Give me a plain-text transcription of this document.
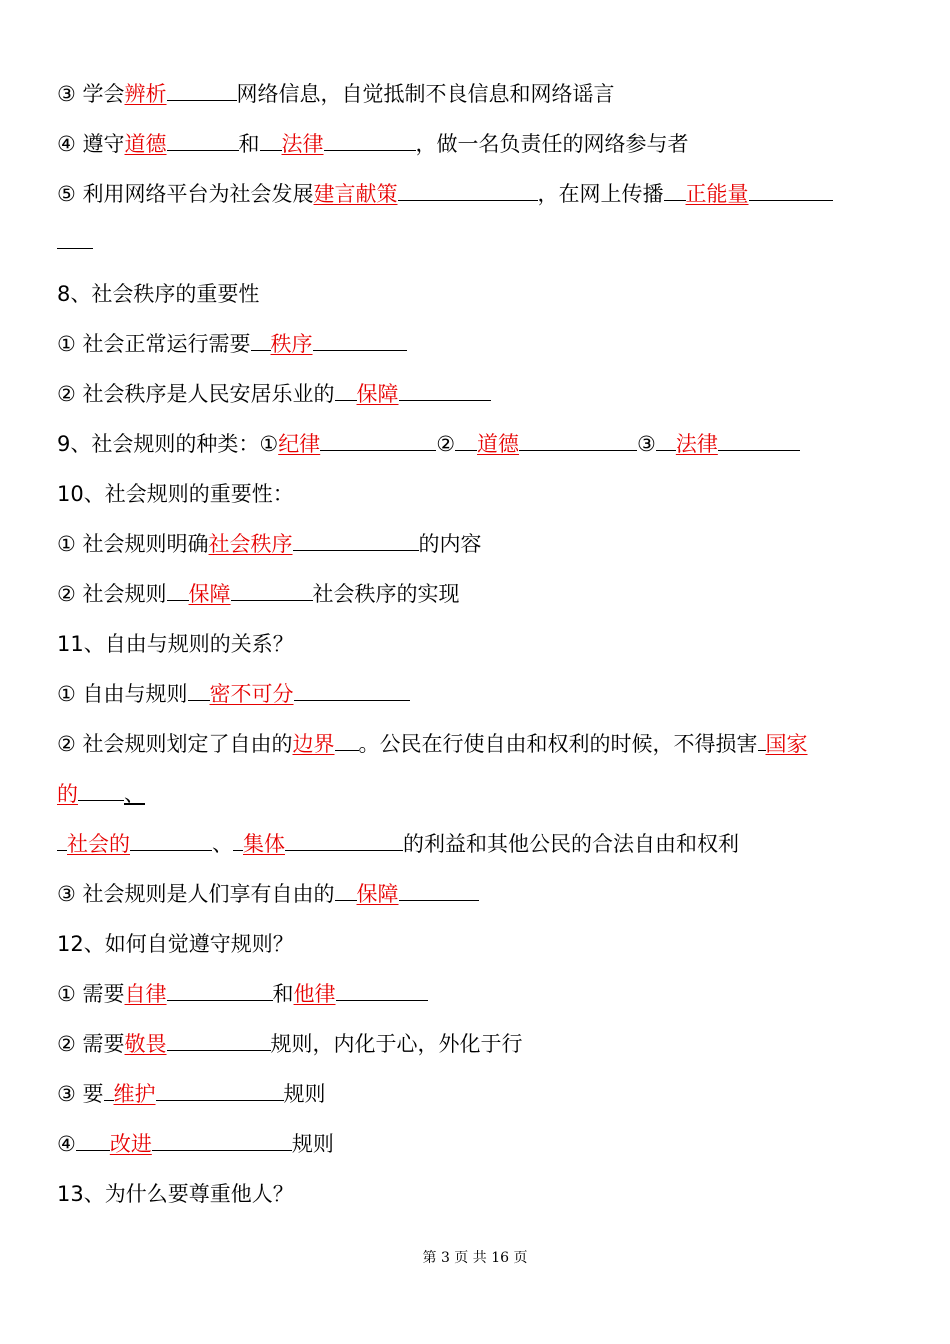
③ 学会辨析	网络信息，自觉抵制不良信息和网络谣言
④ 遵守道德	和 法律	，做一名负责任的网络参与者
⑤ 利用网络平台为社会发展建言献策	，在网上传播 正能量
8、社会秩序的重要性
① 社会正常运行需要 秩序
② 社会秩序是人民安居乐业的 保障
9、社会规则的种类：①纪律	② 道德	③ 法律
10、社会规则的重要性：
① 社会规则明确社会秩序	的内容
② 社会规则 保障	社会秩序的实现
11、自由与规则的关系？
① 自由与规则 密不可分
② 社会规则划定了自由的边界 。公民在行使自由和权利的时候，不得损害 国家
的 、
社会的	、 集体	的利益和其他公民的合法自由和权利
③ 社会规则是人们享有自由的 保障
12、如何自觉遵守规则？
① 需要自律	和他律
② 需要敬畏	规则，内化于心，外化于行
③ 要 维护	规则
④ 改进	规则
13、为什么要尊重他人？
第 3 页 共 16 页
